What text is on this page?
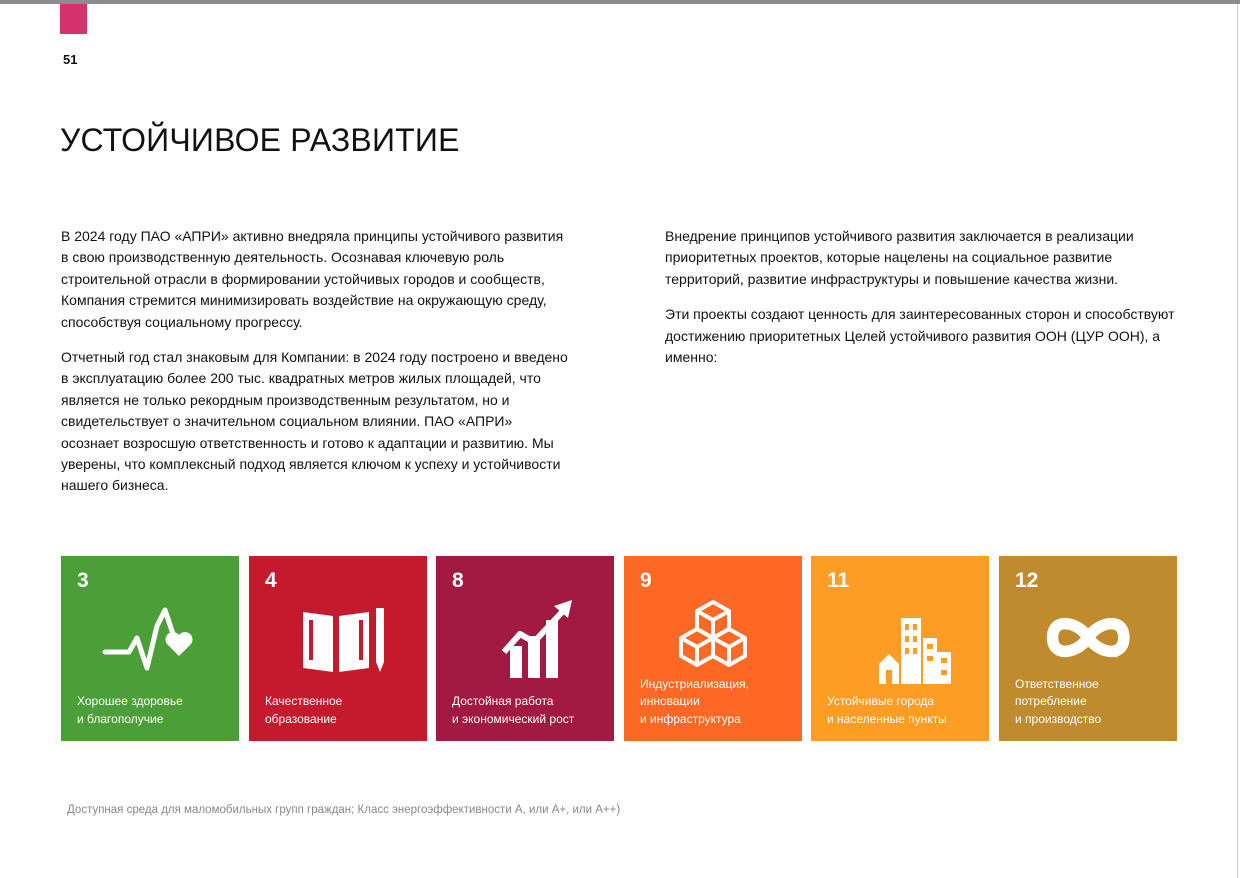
51
УСТОЙЧИВОЕ РАЗВИТИЕ

В 2024 году ПАО «АПРИ» активно внедряла принципы устойчивого развития в свою производственную деятельность. Осознавая ключевую роль строительной отрасли в формировании устойчивых городов и сообществ, Компания стремится минимизировать воздействие на окружающую среду, способствуя социальному прогрессу.

Отчетный год стал знаковым для Компании: в 2024 году построено и введено в эксплуатацию более 200 тыс. квадратных метров жилых площадей, что является не только рекордным производственным результатом, но и свидетельствует о значительном социальном влиянии. ПАО «АПРИ» осознает возросшую ответственность и готово к адаптации и развитию. Мы уверены, что комплексный подход является ключом к успеху и устойчивости нашего бизнеса.

Внедрение принципов устойчивого развития заключается в реализации приоритетных проектов, которые нацелены на социальное развитие территорий, развитие инфраструктуры и повышение качества жизни.

Эти проекты создают ценность для заинтересованных сторон и способствуют достижению приоритетных Целей устойчивого развития ООН (ЦУР ООН), а именно:

3
Хорошее здоровье
и благополучие
4
Качественное
образование
8
Достойная работа
и экономический рост
9
Индустриализация,
инновации
и инфраструктура
11
Устойчивые города
и населенные пункты
12
Ответственное
потребление
и производство
Доступная среда для маломобильных групп граждан; Класс энергоэффективности A, или A+, или A++)
